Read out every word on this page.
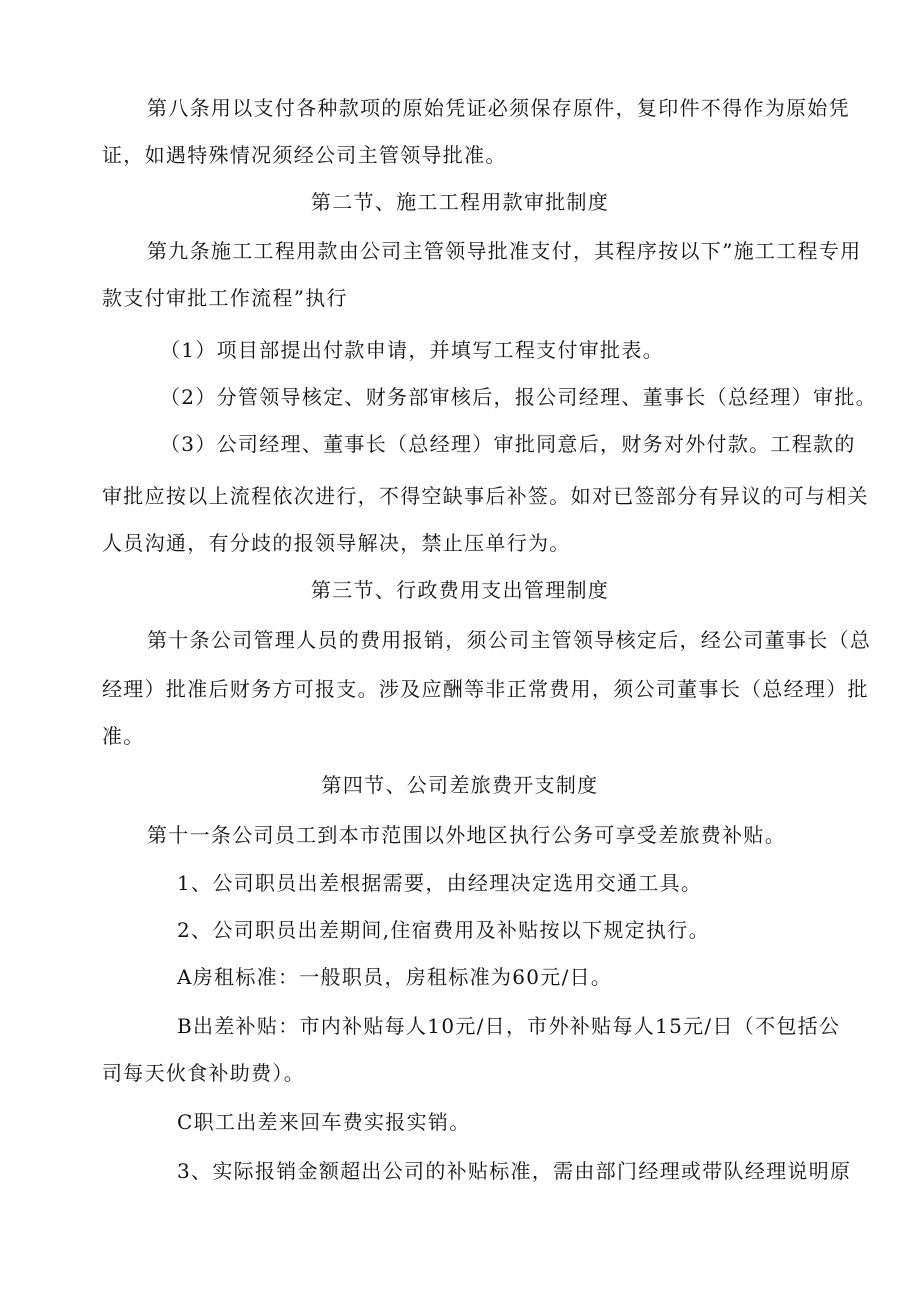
第八条用以支付各种款项的原始凭证必须保存原件，复印件不得作为原始凭
证，如遇特殊情况须经公司主管领导批准。
第二节、施工工程用款审批制度
第九条施工工程用款由公司主管领导批准支付，其程序按以下”施工工程专用
款支付审批工作流程”执行
（1）项目部提出付款申请，并填写工程支付审批表。
（2）分管领导核定、财务部审核后，报公司经理、董事长（总经理）审批。
（3）公司经理、董事长（总经理）审批同意后，财务对外付款。工程款的
审批应按以上流程依次进行，不得空缺事后补签。如对已签部分有异议的可与相关
人员沟通，有分歧的报领导解决，禁止压单行为。
第三节、行政费用支出管理制度
第十条公司管理人员的费用报销，须公司主管领导核定后，经公司董事长（总
经理）批准后财务方可报支。涉及应酬等非正常费用，须公司董事长（总经理）批
准。
第四节、公司差旅费开支制度
第十一条公司员工到本市范围以外地区执行公务可享受差旅费补贴。
1、公司职员出差根据需要，由经理决定选用交通工具。
2、公司职员出差期间,住宿费用及补贴按以下规定执行。
A房租标准：一般职员，房租标准为60元/日。
B出差补贴：市内补贴每人10元/日，市外补贴每人15元/日（不包括公
司每天伙食补助费）。
C职工出差来回车费实报实销。
3、实际报销金额超出公司的补贴标准，需由部门经理或带队经理说明原
